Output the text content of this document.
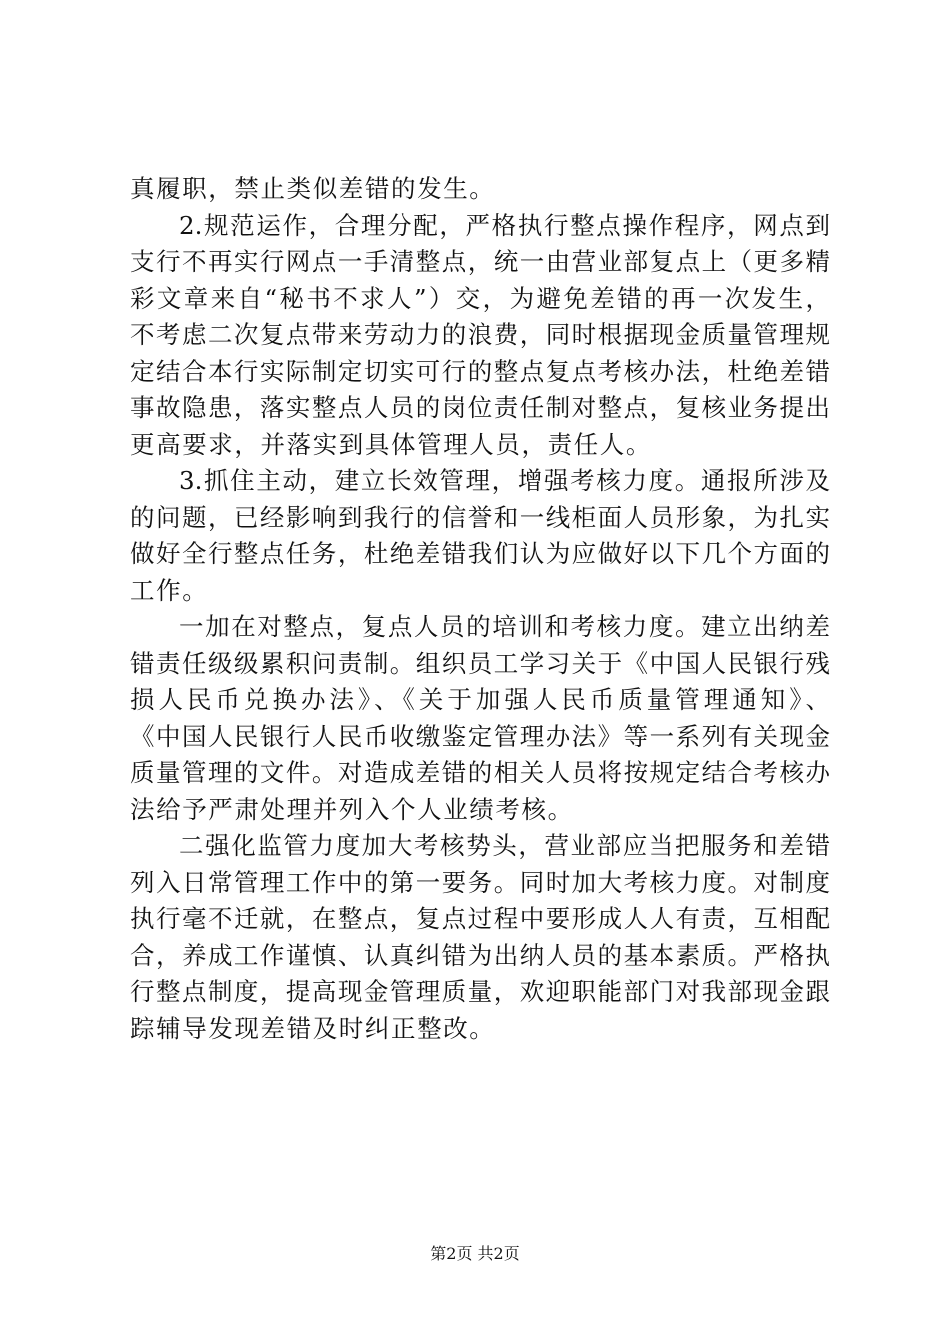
真履职，禁止类似差错的发生。
2.规范运作，合理分配，严格执行整点操作程序，网点到
支行不再实行网点一手清整点，统一由营业部复点上（更多精
彩文章来自“秘书不求人”）交，为避免差错的再一次发生，
不考虑二次复点带来劳动力的浪费，同时根据现金质量管理规
定结合本行实际制定切实可行的整点复点考核办法，杜绝差错
事故隐患，落实整点人员的岗位责任制对整点，复核业务提出
更高要求，并落实到具体管理人员，责任人。
3.抓住主动，建立长效管理，增强考核力度。通报所涉及
的问题，已经影响到我行的信誉和一线柜面人员形象，为扎实
做好全行整点任务，杜绝差错我们认为应做好以下几个方面的
工作。
一加在对整点，复点人员的培训和考核力度。建立出纳差
错责任级级累积问责制。组织员工学习关于《中国人民银行残
损人民币兑换办法》、《关于加强人民币质量管理通知》、
《中国人民银行人民币收缴鉴定管理办法》等一系列有关现金
质量管理的文件。对造成差错的相关人员将按规定结合考核办
法给予严肃处理并列入个人业绩考核。
二强化监管力度加大考核势头，营业部应当把服务和差错
列入日常管理工作中的第一要务。同时加大考核力度。对制度
执行毫不迁就，在整点，复点过程中要形成人人有责，互相配
合，养成工作谨慎、认真纠错为出纳人员的基本素质。严格执
行整点制度，提高现金管理质量，欢迎职能部门对我部现金跟
踪辅导发现差错及时纠正整改。
第2页 共2页
